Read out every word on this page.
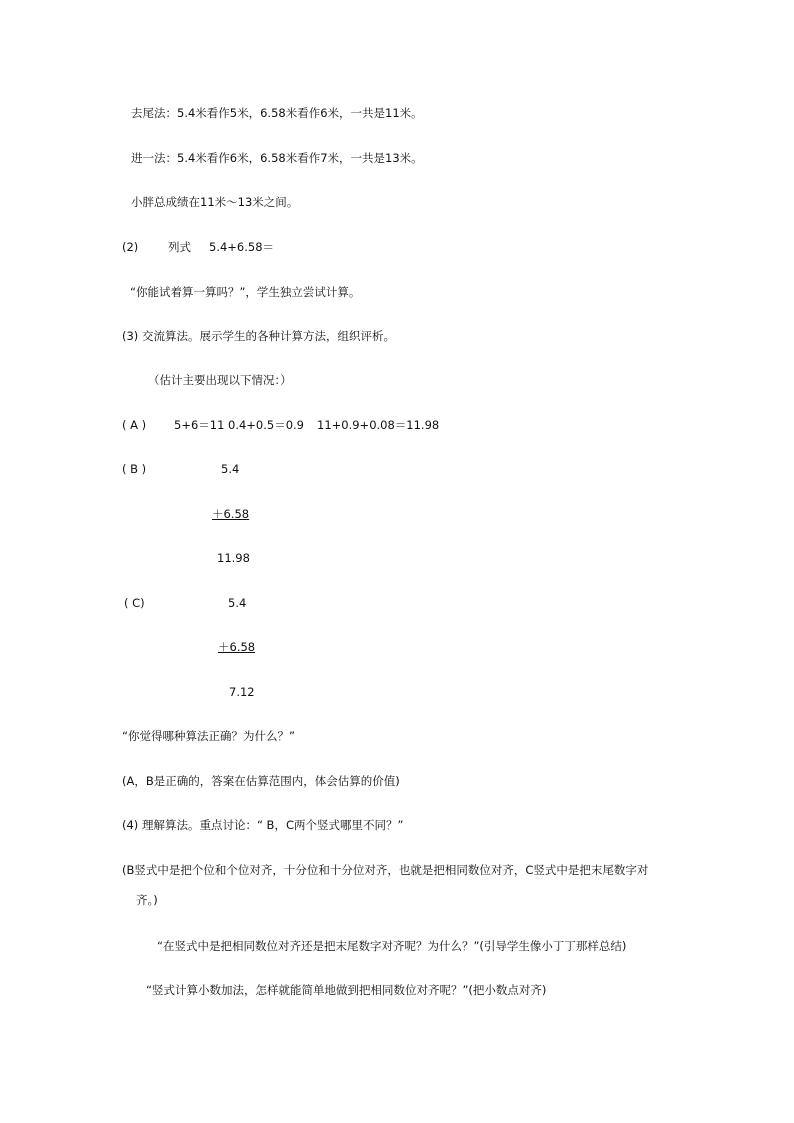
去尾法：5.4米看作5米，6.58米看作6米，一共是11米。
进一法：5.4米看作6米，6.58米看作7米，一共是13米。
小胖总成绩在11米～13米之间。
(2)	列式 5.4+6.58＝
“你能试着算一算吗？”，学生独立尝试计算。
(3) 交流算法。展示学生的各种计算方法，组织评析。
（估计主要出现以下情况：）
( A ) 5+6＝11 0.4+0.5＝0.9 11+0.9+0.08＝11.98
( B )	5.4
＋6.58
11.98
( C)	5.4
＋6.58
7.12
“你觉得哪种算法正确？为什么？”
(A，B是正确的，答案在估算范围内，体会估算的价值)
(4) 理解算法。重点讨论：“ B，C两个竖式哪里不同？”
(B竖式中是把个位和个位对齐，十分位和十分位对齐，也就是把相同数位对齐，C竖式中是把末尾数字对
齐。)
“在竖式中是把相同数位对齐还是把末尾数字对齐呢？为什么？”(引导学生像小丁丁那样总结)
“竖式计算小数加法，怎样就能简单地做到把相同数位对齐呢？”(把小数点对齐)
